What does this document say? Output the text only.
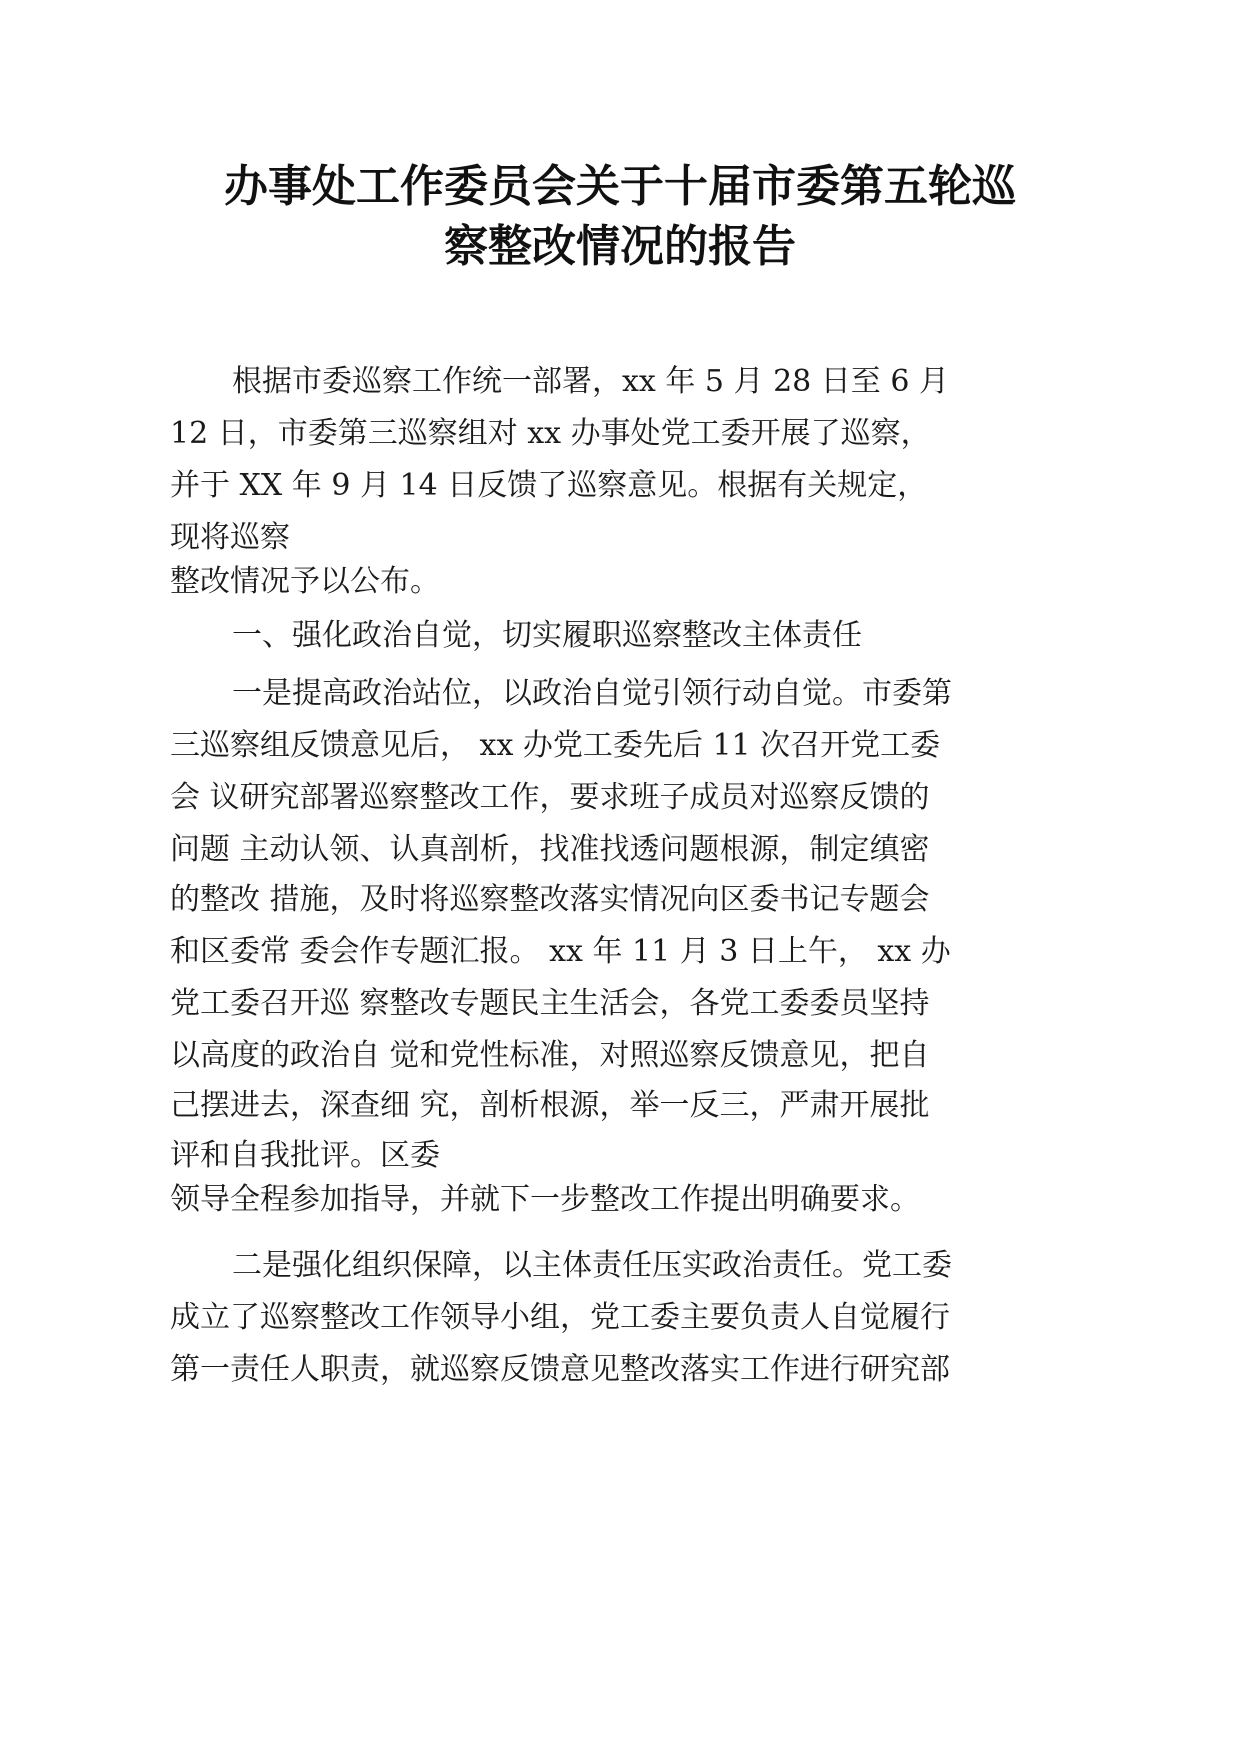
办事处工作委员会关于十届市委第五轮巡
察整改情况的报告
根据市委巡察工作统一部署，xx 年 5 月 28 日至 6 月
12 日，市委第三巡察组对 xx 办事处党工委开展了巡察，
并于 XX 年 9 月 14 日反馈了巡察意见。根据有关规定，
现将巡察
整改情况予以公布。
一、强化政治自觉，切实履职巡察整改主体责任
一是提高政治站位，以政治自觉引领行动自觉。市委第
三巡察组反馈意见后， xx 办党工委先后 11 次召开党工委
会 议研究部署巡察整改工作，要求班子成员对巡察反馈的
问题 主动认领、认真剖析，找准找透问题根源，制定缜密
的整改 措施，及时将巡察整改落实情况向区委书记专题会
和区委常 委会作专题汇报。 xx 年 11 月 3 日上午， xx 办
党工委召开巡 察整改专题民主生活会，各党工委委员坚持
以高度的政治自 觉和党性标准，对照巡察反馈意见，把自
己摆进去，深查细 究，剖析根源，举一反三，严肃开展批
评和自我批评。区委
领导全程参加指导，并就下一步整改工作提出明确要求。
二是强化组织保障，以主体责任压实政治责任。党工委
成立了巡察整改工作领导小组，党工委主要负责人自觉履行
第一责任人职责，就巡察反馈意见整改落实工作进行研究部
